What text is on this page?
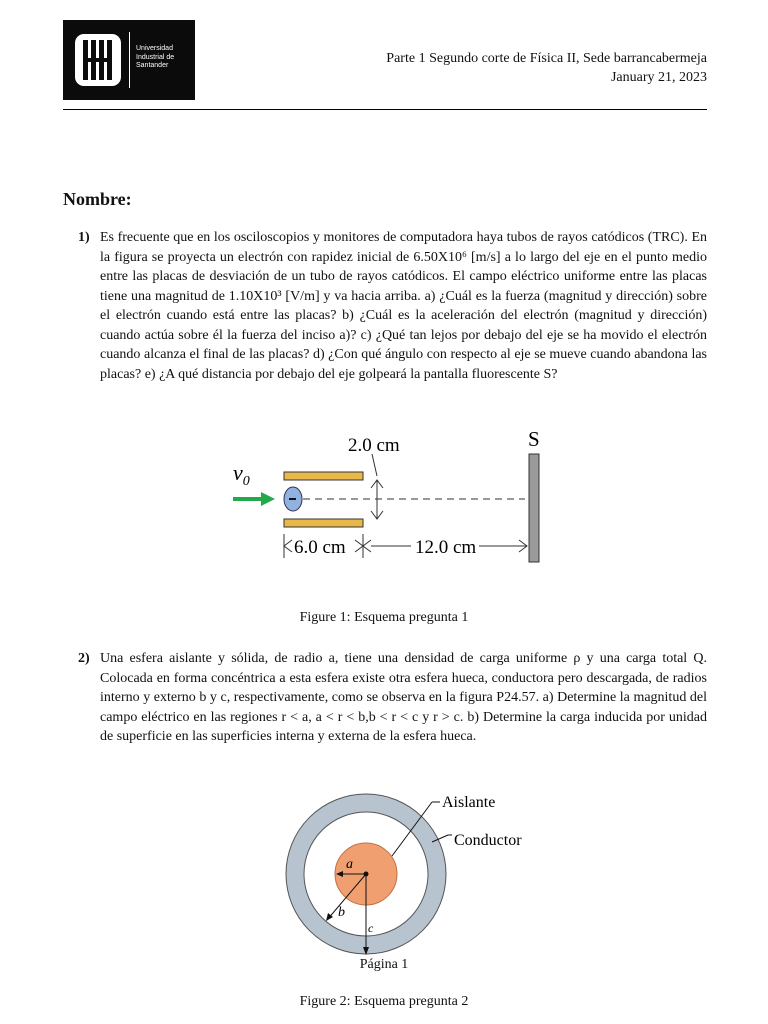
Universidad
Industrial de
Santander	Parte 1 Segundo corte de Física II, Sede barrancabermeja
January 21, 2023
Nombre:
1) Es frecuente que en los osciloscopios y monitores de computadora haya tubos de rayos catódicos (TRC). En la figura se proyecta un electrón con rapidez inicial de 6.50X10⁶ [m/s] a lo largo del eje en el punto medio entre las placas de desviación de un tubo de rayos catódicos. El campo eléctrico uniforme entre las placas tiene una magnitud de 1.10X10³ [V/m] y va hacia arriba. a) ¿Cuál es la fuerza (magnitud y dirección) sobre el electrón cuando está entre las placas? b) ¿Cuál es la aceleración del electrón (magnitud y dirección) cuando actúa sobre él la fuerza del inciso a)? c) ¿Qué tan lejos por debajo del eje se ha movido el electrón cuando alcanza el final de las placas? d) ¿Con qué ángulo con respecto al eje se mueve cuando abandona las placas? e) ¿A qué distancia por debajo del eje golpeará la pantalla fluorescente S?
$v_0$
2.0 cm	S
6.0 cm	12.0 cm
Figure 1: Esquema pregunta 1
2) Una esfera aislante y sólida, de radio a, tiene una densidad de carga uniforme ρ y una carga total Q. Colocada en forma concéntrica a esta esfera existe otra esfera hueca, conductora pero descargada, de radios interno y externo b y c, respectivamente, como se observa en la figura P24.57. a) Determine la magnitud del campo eléctrico en las regiones r < a, a < r < b,b < r < c y r > c. b) Determine la carga inducida por unidad de superficie en las superficies interna y externa de la esfera hueca.
a
b
c
Aislante
Conductor
Página 1
Figure 2: Esquema pregunta 2
